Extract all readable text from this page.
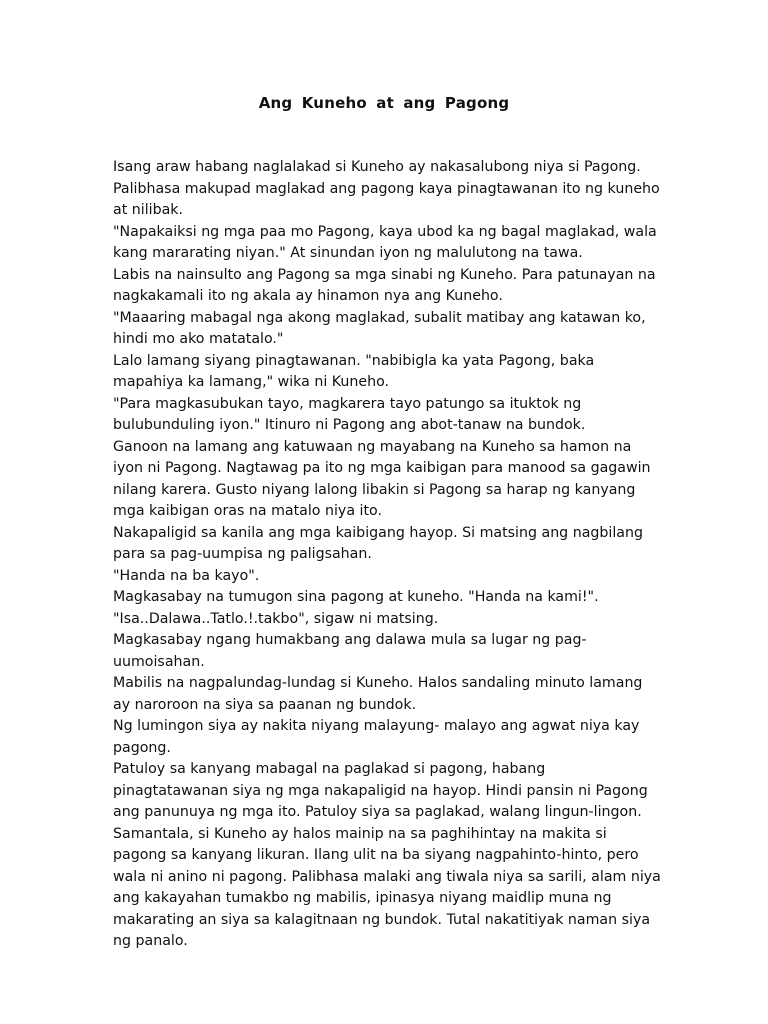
Ang Kuneho at ang Pagong

Isang araw habang naglalakad si Kuneho ay nakasalubong niya si Pagong. Palibhasa makupad maglakad ang pagong kaya pinagtawanan ito ng kuneho at nilibak.

"Napakaiksi ng mga paa mo Pagong, kaya ubod ka ng bagal maglakad, wala kang mararating niyan." At sinundan iyon ng malulutong na tawa.

Labis na nainsulto ang Pagong sa mga sinabi ng Kuneho. Para patunayan na nagkakamali ito ng akala ay hinamon nya ang Kuneho.

"Maaaring mabagal nga akong maglakad, subalit matibay ang katawan ko, hindi mo ako matatalo."

Lalo lamang siyang pinagtawanan. "nabibigla ka yata Pagong, baka mapahiya ka lamang," wika ni Kuneho.

"Para magkasubukan tayo, magkarera tayo patungo sa ituktok ng bulubunduling iyon." Itinuro ni Pagong ang abot-tanaw na bundok.

Ganoon na lamang ang katuwaan ng mayabang na Kuneho sa hamon na iyon ni Pagong. Nagtawag pa ito ng mga kaibigan para manood sa gagawin nilang karera. Gusto niyang lalong libakin si Pagong sa harap ng kanyang mga kaibigan oras na matalo niya ito.

Nakapaligid sa kanila ang mga kaibigang hayop. Si matsing ang nagbilang para sa pag-uumpisa ng paligsahan.

"Handa na ba kayo".

Magkasabay na tumugon sina pagong at kuneho. "Handa na kami!".

"Isa..Dalawa..Tatlo.!.takbo", sigaw ni matsing.

Magkasabay ngang humakbang ang dalawa mula sa lugar ng pag-uumoisahan.

Mabilis na nagpalundag-lundag si Kuneho. Halos sandaling minuto lamang ay naroroon na siya sa paanan ng bundok.

Ng lumingon siya ay nakita niyang malayung- malayo ang agwat niya kay pagong.

Patuloy sa kanyang mabagal na paglakad si pagong, habang pinagtatawanan siya ng mga nakapaligid na hayop. Hindi pansin ni Pagong ang panunuya ng mga ito. Patuloy siya sa paglakad, walang lingun-lingon.

Samantala, si Kuneho ay halos mainip na sa paghihintay na makita si pagong sa kanyang likuran. Ilang ulit na ba siyang nagpahinto-hinto, pero wala ni anino ni pagong. Palibhasa malaki ang tiwala niya sa sarili, alam niya ang kakayahan tumakbo ng mabilis, ipinasya niyang maidlip muna ng makarating an siya sa kalagitnaan ng bundok. Tutal nakatitiyak naman siya ng panalo.
